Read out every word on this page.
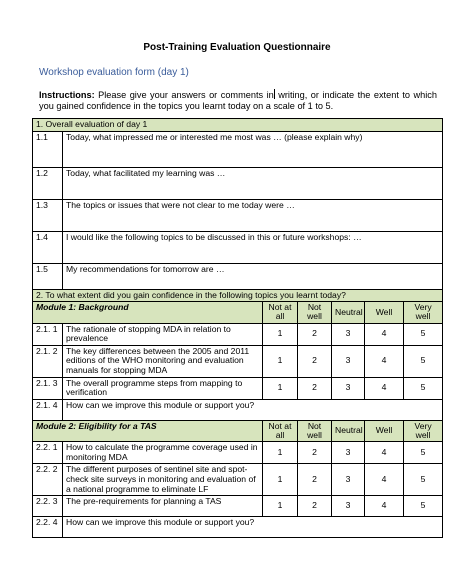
Post-Training Evaluation Questionnaire
Workshop evaluation form (day 1)
Instructions: Please give your answers or comments in writing, or indicate the extent to which you gained confidence in the topics you learnt today on a scale of 1 to 5.
1. Overall evaluation of day 1						
1.1	Today, what impressed me or interested me most was … (please explain why)					
1.2	Today, what facilitated my learning was …					
1.3	The topics or issues that were not clear to me today were …					
1.4	I would like the following topics to be discussed in this or future workshops: …					
1.5	My recommendations for tomorrow are …					
2. To what extent did you gain confidence in the following topics you learnt today?						
Module 1: Background		Not at all	Not well	Neutral	Well	Very well
2.1. 1	The rationale of stopping MDA in relation to prevalence	1	2	3	4	5
2.1. 2	The key differences between the 2005 and 2011 editions of the WHO monitoring and evaluation manuals for stopping MDA	1	2	3	4	5
2.1. 3	The overall programme steps from mapping to verification	1	2	3	4	5
2.1. 4	How can we improve this module or support you?					
Module 2: Eligibility for a TAS		Not at all	Not well	Neutral	Well	Very well
2.2. 1	How to calculate the programme coverage used in monitoring MDA	1	2	3	4	5
2.2. 2	The different purposes of sentinel site and spot-check site surveys in monitoring and evaluation of a national programme to eliminate LF	1	2	3	4	5
2.2. 3	The pre-requirements for planning a TAS	1	2	3	4	5
2.2. 4	How can we improve this module or support you?					
